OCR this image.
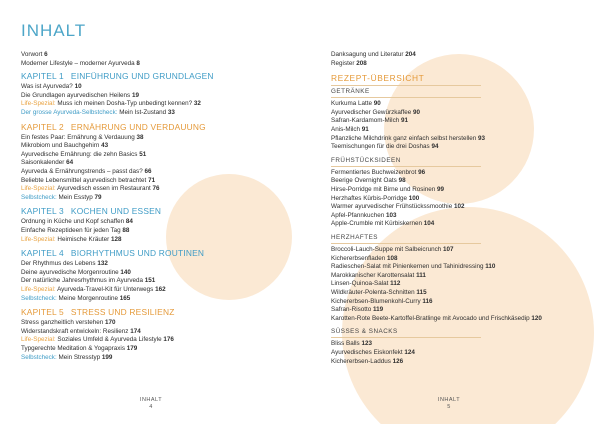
INHALT
Vorwort 6
Moderner Lifestyle – moderner Ayurveda 8
KAPITEL 1 EINFÜHRUNG UND GRUNDLAGEN
Was ist Ayurveda? 10
Die Grundlagen ayurvedischen Heilens 19
Life-Spezial: Muss ich meinen Dosha-Typ unbedingt kennen? 32
Der grosse Ayurveda-Selbstcheck: Mein Ist-Zustand 33
KAPITEL 2 ERNÄHRUNG UND VERDAUUNG
Ein festes Paar: Ernährung & Verdauung 38
Mikrobiom und Bauchgehirn 43
Ayurvedische Ernährung: die zehn Basics 51
Saisonkalender 64
Ayurveda & Ernährungstrends – passt das? 66
Beliebte Lebensmittel ayurvedisch betrachtet 71
Life-Spezial: Ayurvedisch essen im Restaurant 76
Selbstcheck: Mein Esstyp 79
KAPITEL 3 KOCHEN UND ESSEN
Ordnung in Küche und Kopf schaffen 84
Einfache Rezeptideen für jeden Tag 88
Life-Spezial: Heimische Kräuter 128
KAPITEL 4 BIORHYTHMUS UND ROUTINEN
Der Rhythmus des Lebens 132
Deine ayurvedische Morgenroutine 140
Der natürliche Jahresrhythmus im Ayurveda 151
Life-Spezial: Ayurveda-Travel-Kit für Unterwegs 162
Selbstcheck: Meine Morgenroutine 165
KAPITEL 5 STRESS UND RESILIENZ
Stress ganzheitlich verstehen 170
Widerstandskraft entwickeln: Resilienz 174
Life-Spezial: Soziales Umfeld & Ayurveda Lifestyle 176
Typgerechte Meditation & Yogapraxis 179
Selbstcheck: Mein Stresstyp 199
Danksagung und Literatur 204
Register 208
REZEPT-ÜBERSICHT
GETRÄNKE
Kurkuma Latte 90
Ayurvedischer Gewürzkaffee 90
Safran-Kardamom-Milch 91
Anis-Milch 91
Pflanzliche Milchdrink ganz einfach selbst herstellen 93
Teemischungen für die drei Doshas 94
FRÜHSTÜCKSIDEEN
Fermentiertes Buchweizenbrot 96
Beerige Overnight Oats 98
Hirse-Porridge mit Birne und Rosinen 99
Herzhaftes Kürbis-Porridge 100
Warmer ayurvedischer Frühstückssmoothie 102
Apfel-Pfannkuchen 103
Apple-Crumble mit Kürbiskernen 104
HERZHAFTES
Broccoli-Lauch-Suppe mit Salbeicrunch 107
Kichererbsenfladen 108
Radieschen-Salat mit Pinienkernen und Tahinidressing 110
Marokkanischer Karottensalat 111
Linsen-Quinoa-Salat 112
Wildkräuter-Polenta-Schnitten 115
Kichererbsen-Blumenkohl-Curry 116
Safran-Risotto 119
Karotten-Rote Beete-Kartoffel-Bratlinge mit Avocado und Frischkäsedip 120
SÜSSES & SNACKS
Bliss Balls 123
Ayurvedisches Eiskonfekt 124
Kichererbsen-Laddus 126
INHALT
4
INHALT
5
